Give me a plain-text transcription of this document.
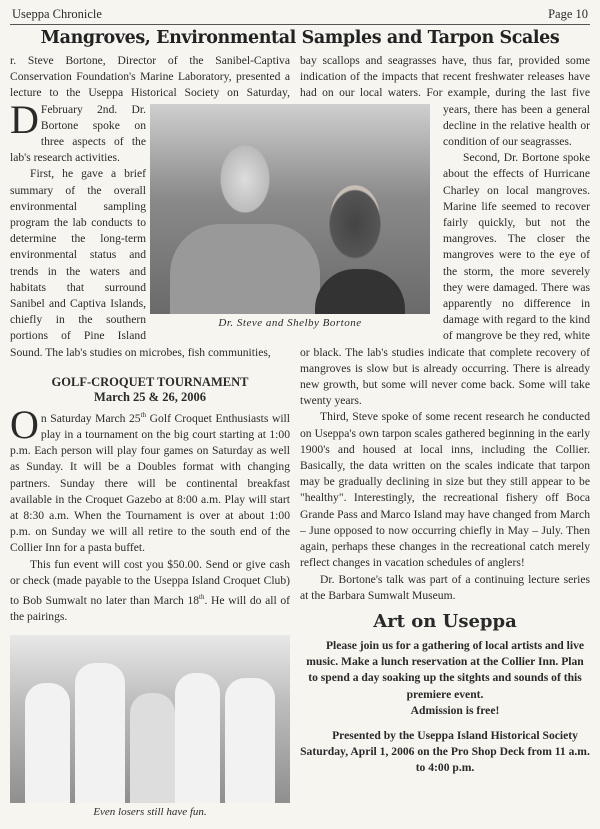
Useppa Chronicle	Page 10
Mangroves, Environmental Samples and Tarpon Scales
D

r. Steve Bortone, Director of the Sanibel-Captiva Conservation Foundation's Marine Laboratory, presented a lecture to the Useppa Historical Society on Saturday, February 2nd. Dr. Bortone spoke on three aspects of the lab's research activities.

First, he gave a brief summary of the overall environmental sampling program the lab conducts to determine the long-term environmental status and trends in the waters and habitats that surround Sanibel and Captiva Islands, chiefly in the southern portions of Pine Island Sound. The lab's studies on microbes, fish communities,

GOLF-CROQUET TOURNAMENT
March 25 & 26, 2006
O n Saturday March 25th Golf Croquet Enthusiasts will play in a tournament on the big court starting at 1:00 p.m. Each person will play four games on Saturday as well as Sunday. It will be a Doubles format with changing partners. Sunday there will be continental breakfast available in the Croquet Gazebo at 8:00 a.m. Play will start at 8:30 a.m. When the Tournament is over at about 1:00 p.m. on Sunday we will all retire to the south end of the Collier Inn for a pasta buffet.

This fun event will cost you $50.00. Send or give cash or check (made payable to the Useppa Island Croquet Club) to Bob Sumwalt no later than March 18th. He will do all of the pairings.

Even losers still have fun.

bay scallops and seagrasses have, thus far, provided some indication of the impacts that recent freshwater releases have had on our local waters. For example, during the last five years, there has been a general decline in the relative health or condition of our seagrasses.

Second, Dr. Bortone spoke about the effects of Hurricane Charley on local mangroves. Marine life seemed to recover fairly quickly, but not the mangroves. The closer the mangroves were to the eye of the storm, the more severely they were damaged. There was apparently no difference in damage with regard to the kind of mangrove be they red, white or black. The lab's studies indicate that complete recovery of mangroves is slow but is already occurring. There is already new growth, but some will never come back. Some will take twenty years.

Third, Steve spoke of some recent research he conducted on Useppa's own tarpon scales gathered beginning in the early 1900's and housed at local inns, including the Collier. Basically, the data written on the scales indicate that tarpon may be gradually declining in size but they still appear to be "healthy". Interestingly, the recreational fishery off Boca Grande Pass and Marco Island may have changed from March – June opposed to now occurring chiefly in May – July. Then again, perhaps these changes in the recreational catch merely reflect changes in vacation schedules of anglers!

Dr. Bortone's talk was part of a continuing lecture series at the Barbara Sumwalt Museum.

Art on Useppa

Please join us for a gathering of local artists and live music. Make a lunch reservation at the Collier Inn. Plan to spend a day soaking up the sitghts and sounds of this premiere event.

Admission is free!

Presented by the Useppa Island Historical Society Saturday, April 1, 2006 on the Pro Shop Deck from 11 a.m. to 4:00 p.m.

Dr. Steve and Shelby Bortone
